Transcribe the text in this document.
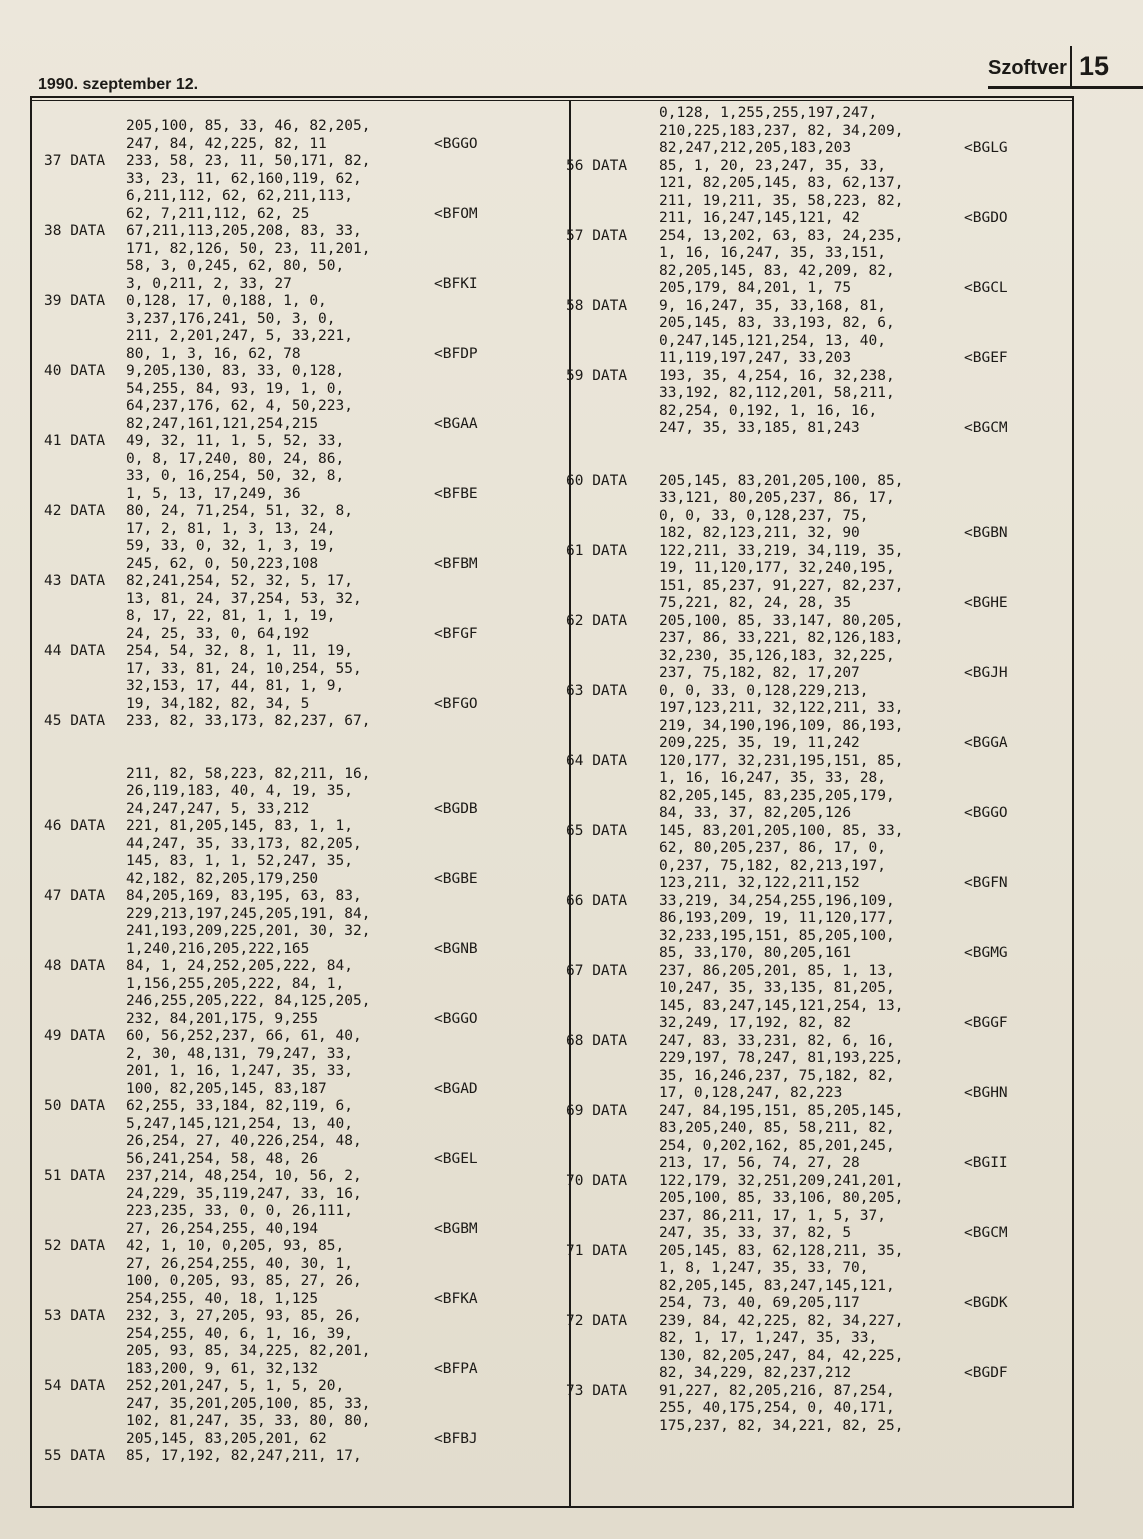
1990. szeptember 12.
Szoftver 15
205,100, 85, 33, 46, 82,205,
247, 84, 42,225, 82, 11	<BGGO
37 DATA 233, 58, 23, 11, 50,171, 82,
33, 23, 11, 62,160,119, 62,
6,211,112, 62, 62,211,113,
62, 7,211,112, 62, 25	<BFOM
38 DATA 67,211,113,205,208, 83, 33,
171, 82,126, 50, 23, 11,201,
58, 3, 0,245, 62, 80, 50,
3, 0,211, 2, 33, 27	<BFKI
39 DATA 0,128, 17, 0,188, 1, 0,
3,237,176,241, 50, 3, 0,
211, 2,201,247, 5, 33,221,
80, 1, 3, 16, 62, 78	<BFDP
40 DATA 9,205,130, 83, 33, 0,128,
54,255, 84, 93, 19, 1, 0,
64,237,176, 62, 4, 50,223,
82,247,161,121,254,215	<BGAA
41 DATA 49, 32, 11, 1, 5, 52, 33,
0, 8, 17,240, 80, 24, 86,
33, 0, 16,254, 50, 32, 8,
1, 5, 13, 17,249, 36	<BFBE
42 DATA 80, 24, 71,254, 51, 32, 8,
17, 2, 81, 1, 3, 13, 24,
59, 33, 0, 32, 1, 3, 19,
245, 62, 0, 50,223,108	<BFBM
43 DATA 82,241,254, 52, 32, 5, 17,
13, 81, 24, 37,254, 53, 32,
8, 17, 22, 81, 1, 1, 19,
24, 25, 33, 0, 64,192	<BFGF
44 DATA 254, 54, 32, 8, 1, 11, 19,
17, 33, 81, 24, 10,254, 55,
32,153, 17, 44, 81, 1, 9,
19, 34,182, 82, 34, 5	<BFGO
45 DATA 233, 82, 33,173, 82,237, 67,
211, 82, 58,223, 82,211, 16,
26,119,183, 40, 4, 19, 35,
24,247,247, 5, 33,212	<BGDB
46 DATA 221, 81,205,145, 83, 1, 1,
44,247, 35, 33,173, 82,205,
145, 83, 1, 1, 52,247, 35,
42,182, 82,205,179,250	<BGBE
47 DATA 84,205,169, 83,195, 63, 83,
229,213,197,245,205,191, 84,
241,193,209,225,201, 30, 32,
1,240,216,205,222,165	<BGNB
48 DATA 84, 1, 24,252,205,222, 84,
1,156,255,205,222, 84, 1,
246,255,205,222, 84,125,205,
232, 84,201,175, 9,255	<BGGO
49 DATA 60, 56,252,237, 66, 61, 40,
2, 30, 48,131, 79,247, 33,
201, 1, 16, 1,247, 35, 33,
100, 82,205,145, 83,187	<BGAD
50 DATA 62,255, 33,184, 82,119, 6,
5,247,145,121,254, 13, 40,
26,254, 27, 40,226,254, 48,
56,241,254, 58, 48, 26	<BGEL
51 DATA 237,214, 48,254, 10, 56, 2,
24,229, 35,119,247, 33, 16,
223,235, 33, 0, 0, 26,111,
27, 26,254,255, 40,194	<BGBM
52 DATA 42, 1, 10, 0,205, 93, 85,
27, 26,254,255, 40, 30, 1,
100, 0,205, 93, 85, 27, 26,
254,255, 40, 18, 1,125	<BFKA
53 DATA 232, 3, 27,205, 93, 85, 26,
254,255, 40, 6, 1, 16, 39,
205, 93, 85, 34,225, 82,201,
183,200, 9, 61, 32,132	<BFPA
54 DATA 252,201,247, 5, 1, 5, 20,
247, 35,201,205,100, 85, 33,
102, 81,247, 35, 33, 80, 80,
205,145, 83,205,201, 62	<BFBJ
55 DATA 85, 17,192, 82,247,211, 17,
0,128, 1,255,255,197,247,
210,225,183,237, 82, 34,209,
82,247,212,205,183,203	<BGLG
56 DATA 85, 1, 20, 23,247, 35, 33,
121, 82,205,145, 83, 62,137,
211, 19,211, 35, 58,223, 82,
211, 16,247,145,121, 42	<BGDO
57 DATA 254, 13,202, 63, 83, 24,235,
1, 16, 16,247, 35, 33,151,
82,205,145, 83, 42,209, 82,
205,179, 84,201, 1, 75	<BGCL
58 DATA 9, 16,247, 35, 33,168, 81,
205,145, 83, 33,193, 82, 6,
0,247,145,121,254, 13, 40,
11,119,197,247, 33,203	<BGEF
59 DATA 193, 35, 4,254, 16, 32,238,
33,192, 82,112,201, 58,211,
82,254, 0,192, 1, 16, 16,
247, 35, 33,185, 81,243	<BGCM
60 DATA 205,145, 83,201,205,100, 85,
33,121, 80,205,237, 86, 17,
0, 0, 33, 0,128,237, 75,
182, 82,123,211, 32, 90	<BGBN
61 DATA 122,211, 33,219, 34,119, 35,
19, 11,120,177, 32,240,195,
151, 85,237, 91,227, 82,237,
75,221, 82, 24, 28, 35	<BGHE
62 DATA 205,100, 85, 33,147, 80,205,
237, 86, 33,221, 82,126,183,
32,230, 35,126,183, 32,225,
237, 75,182, 82, 17,207	<BGJH
63 DATA 0, 0, 33, 0,128,229,213,
197,123,211, 32,122,211, 33,
219, 34,190,196,109, 86,193,
209,225, 35, 19, 11,242	<BGGA
64 DATA 120,177, 32,231,195,151, 85,
1, 16, 16,247, 35, 33, 28,
82,205,145, 83,235,205,179,
84, 33, 37, 82,205,126	<BGGO
65 DATA 145, 83,201,205,100, 85, 33,
62, 80,205,237, 86, 17, 0,
0,237, 75,182, 82,213,197,
123,211, 32,122,211,152	<BGFN
66 DATA 33,219, 34,254,255,196,109,
86,193,209, 19, 11,120,177,
32,233,195,151, 85,205,100,
85, 33,170, 80,205,161	<BGMG
67 DATA 237, 86,205,201, 85, 1, 13,
10,247, 35, 33,135, 81,205,
145, 83,247,145,121,254, 13,
32,249, 17,192, 82, 82	<BGGF
68 DATA 247, 83, 33,231, 82, 6, 16,
229,197, 78,247, 81,193,225,
35, 16,246,237, 75,182, 82,
17, 0,128,247, 82,223	<BGHN
69 DATA 247, 84,195,151, 85,205,145,
83,205,240, 85, 58,211, 82,
254, 0,202,162, 85,201,245,
213, 17, 56, 74, 27, 28	<BGII
70 DATA 122,179, 32,251,209,241,201,
205,100, 85, 33,106, 80,205,
237, 86,211, 17, 1, 5, 37,
247, 35, 33, 37, 82, 5	<BGCM
71 DATA 205,145, 83, 62,128,211, 35,
1, 8, 1,247, 35, 33, 70,
82,205,145, 83,247,145,121,
254, 73, 40, 69,205,117	<BGDK
72 DATA 239, 84, 42,225, 82, 34,227,
82, 1, 17, 1,247, 35, 33,
130, 82,205,247, 84, 42,225,
82, 34,229, 82,237,212	<BGDF
73 DATA 91,227, 82,205,216, 87,254,
255, 40,175,254, 0, 40,171,
175,237, 82, 34,221, 82, 25,
